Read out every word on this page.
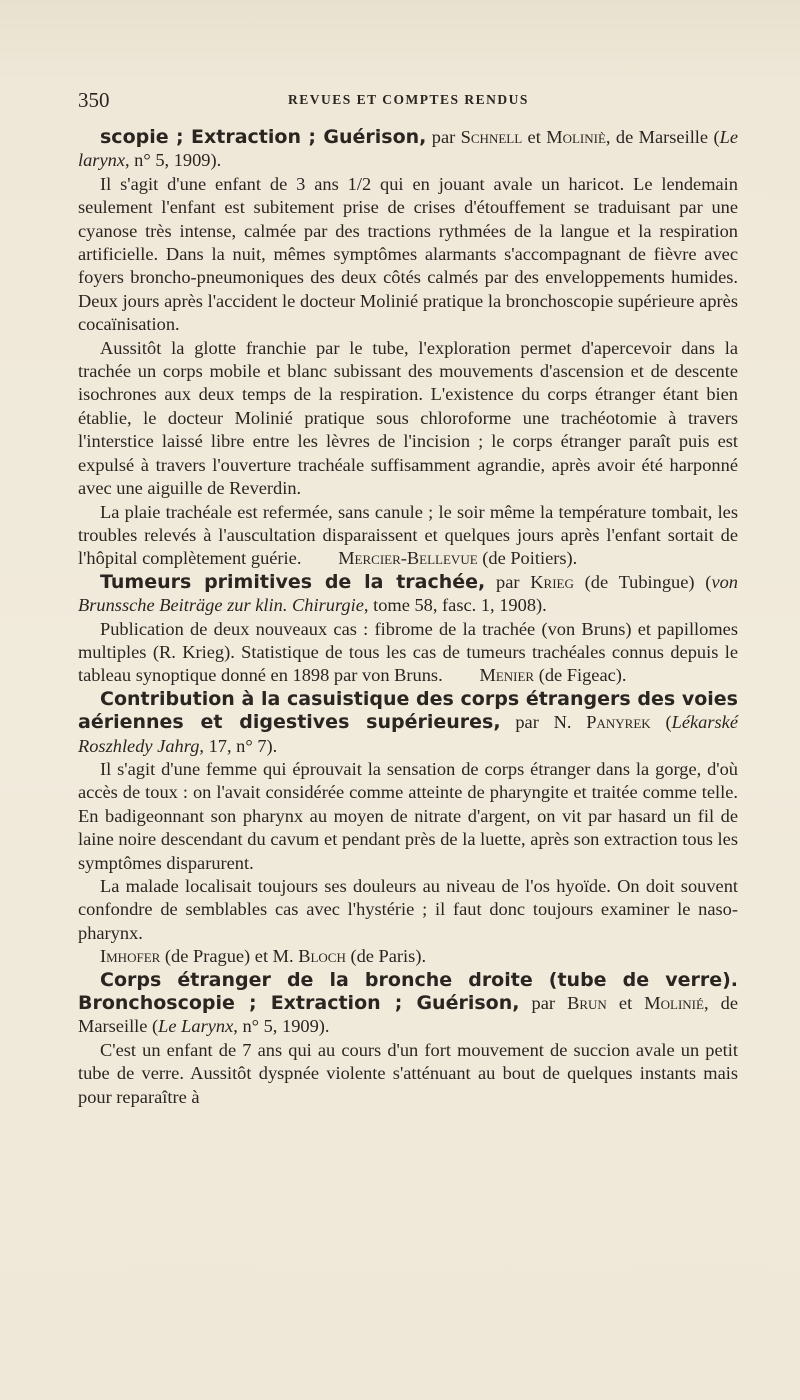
350	REVUES ET COMPTES RENDUS

scopie ; Extraction ; Guérison, par Schnell et Moliniè, de Marseille (Le larynx, n° 5, 1909).

Il s'agit d'une enfant de 3 ans 1/2 qui en jouant avale un haricot. Le lendemain seulement l'enfant est subitement prise de crises d'étouffement se traduisant par une cyanose très intense, calmée par des tractions rythmées de la langue et la respiration artificielle. Dans la nuit, mêmes symptômes alarmants s'accompagnant de fièvre avec foyers broncho-pneumoniques des deux côtés calmés par des enveloppements humides. Deux jours après l'accident le docteur Molinié pratique la bronchoscopie supérieure après cocaïnisation.

Aussitôt la glotte franchie par le tube, l'exploration permet d'apercevoir dans la trachée un corps mobile et blanc subissant des mouvements d'ascension et de descente isochrones aux deux temps de la respiration. L'existence du corps étranger étant bien établie, le docteur Molinié pratique sous chloroforme une trachéotomie à travers l'interstice laissé libre entre les lèvres de l'incision ; le corps étranger paraît puis est expulsé à travers l'ouverture trachéale suffisamment agrandie, après avoir été harponné avec une aiguille de Reverdin.

La plaie trachéale est refermée, sans canule ; le soir même la température tombait, les troubles relevés à l'auscultation disparaissent et quelques jours après l'enfant sortait de l'hôpital complètement guérie. Mercier-Bellevue (de Poitiers).

Tumeurs primitives de la trachée, par Krieg (de Tubingue) (von Brunssche Beiträge zur klin. Chirurgie, tome 58, fasc. 1, 1908).

Publication de deux nouveaux cas : fibrome de la trachée (von Bruns) et papillomes multiples (R. Krieg). Statistique de tous les cas de tumeurs trachéales connus depuis le tableau synoptique donné en 1898 par von Bruns. Menier (de Figeac).

Contribution à la casuistique des corps étrangers des voies aériennes et digestives supérieures, par N. Panyrek (Lékarské Roszhledy Jahrg, 17, n° 7).

Il s'agit d'une femme qui éprouvait la sensation de corps étranger dans la gorge, d'où accès de toux : on l'avait considérée comme atteinte de pharyngite et traitée comme telle. En badigeonnant son pharynx au moyen de nitrate d'argent, on vit par hasard un fil de laine noire descendant du cavum et pendant près de la luette, après son extraction tous les symptômes disparurent.

La malade localisait toujours ses douleurs au niveau de l'os hyoïde. On doit souvent confondre de semblables cas avec l'hystérie ; il faut donc toujours examiner le naso-pharynx.

Imhofer (de Prague) et M. Bloch (de Paris).

Corps étranger de la bronche droite (tube de verre). Bronchoscopie ; Extraction ; Guérison, par Brun et Molinié, de Marseille (Le Larynx, n° 5, 1909).

C'est un enfant de 7 ans qui au cours d'un fort mouvement de succion avale un petit tube de verre. Aussitôt dyspnée violente s'atténuant au bout de quelques instants mais pour reparaître à
